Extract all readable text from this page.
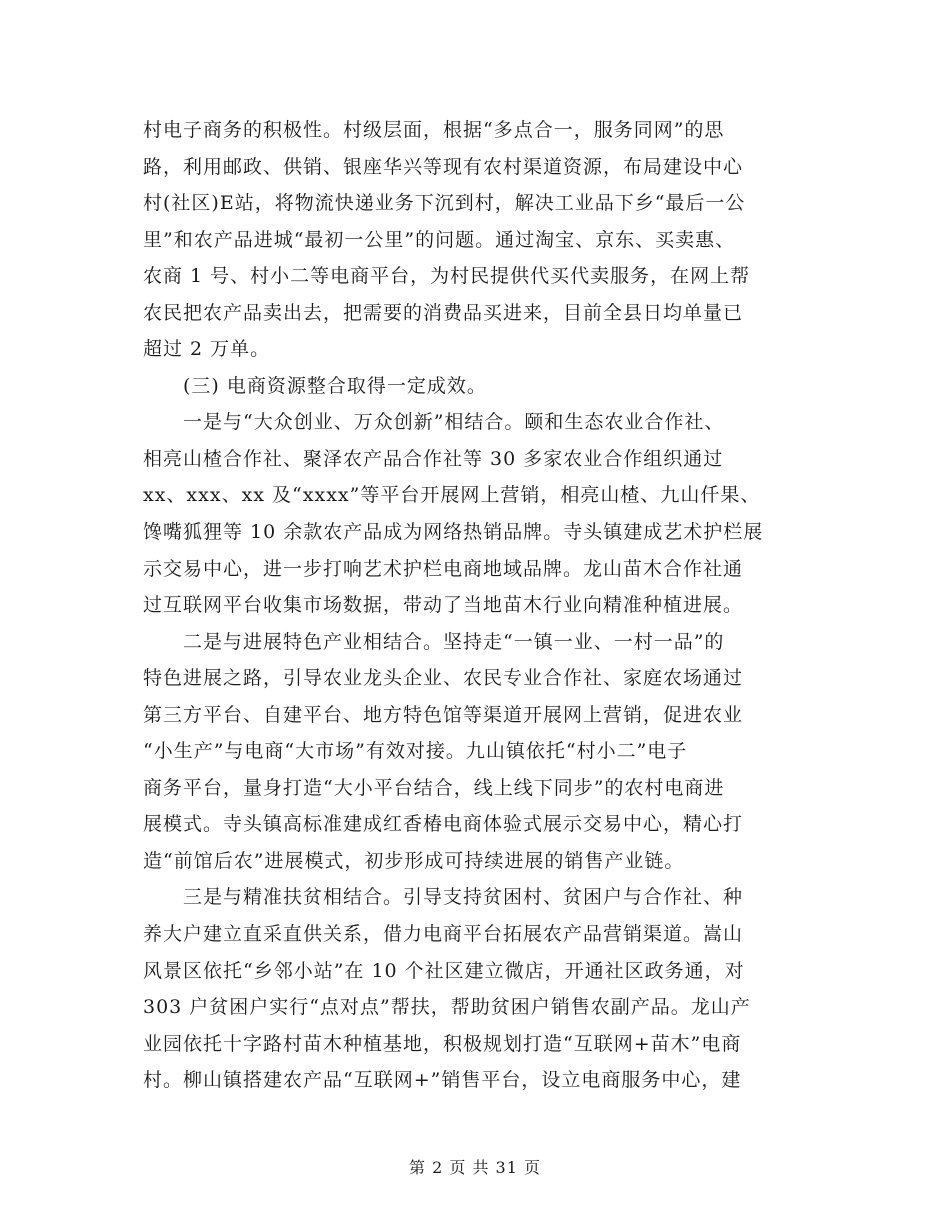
村电子商务的积极性。村级层面，根据“多点合一，服务同网”的思
路，利用邮政、供销、银座华兴等现有农村渠道资源，布局建设中心
村(社区)E站，将物流快递业务下沉到村，解决工业品下乡“最后一公
里”和农产品进城“最初一公里”的问题。通过淘宝、京东、买卖惠、
农商 1 号、村小二等电商平台，为村民提供代买代卖服务，在网上帮
农民把农产品卖出去，把需要的消费品买进来，目前全县日均单量已
超过 2 万单。
(三) 电商资源整合取得一定成效。
一是与“大众创业、万众创新”相结合。颐和生态农业合作社、
相亮山楂合作社、聚泽农产品合作社等 30 多家农业合作组织通过
xx、xxx、xx 及“xxxx”等平台开展网上营销，相亮山楂、九山仟果、
馋嘴狐狸等 10 余款农产品成为网络热销品牌。寺头镇建成艺术护栏展
示交易中心，进一步打响艺术护栏电商地域品牌。龙山苗木合作社通
过互联网平台收集市场数据，带动了当地苗木行业向精准种植进展。
二是与进展特色产业相结合。坚持走“一镇一业、一村一品”的
特色进展之路，引导农业龙头企业、农民专业合作社、家庭农场通过
第三方平台、自建平台、地方特色馆等渠道开展网上营销，促进农业
“小生产”与电商“大市场”有效对接。九山镇依托“村小二”电子
商务平台，量身打造“大小平台结合，线上线下同步”的农村电商进
展模式。寺头镇高标准建成红香椿电商体验式展示交易中心，精心打
造“前馆后农”进展模式，初步形成可持续进展的销售产业链。
三是与精准扶贫相结合。引导支持贫困村、贫困户与合作社、种
养大户建立直采直供关系，借力电商平台拓展农产品营销渠道。嵩山
风景区依托“乡邻小站”在 10 个社区建立微店，开通社区政务通，对
303 户贫困户实行“点对点”帮扶，帮助贫困户销售农副产品。龙山产
业园依托十字路村苗木种植基地，积极规划打造“互联网+苗木”电商
村。柳山镇搭建农产品“互联网+”销售平台，设立电商服务中心，建
第 2 页 共 31 页
